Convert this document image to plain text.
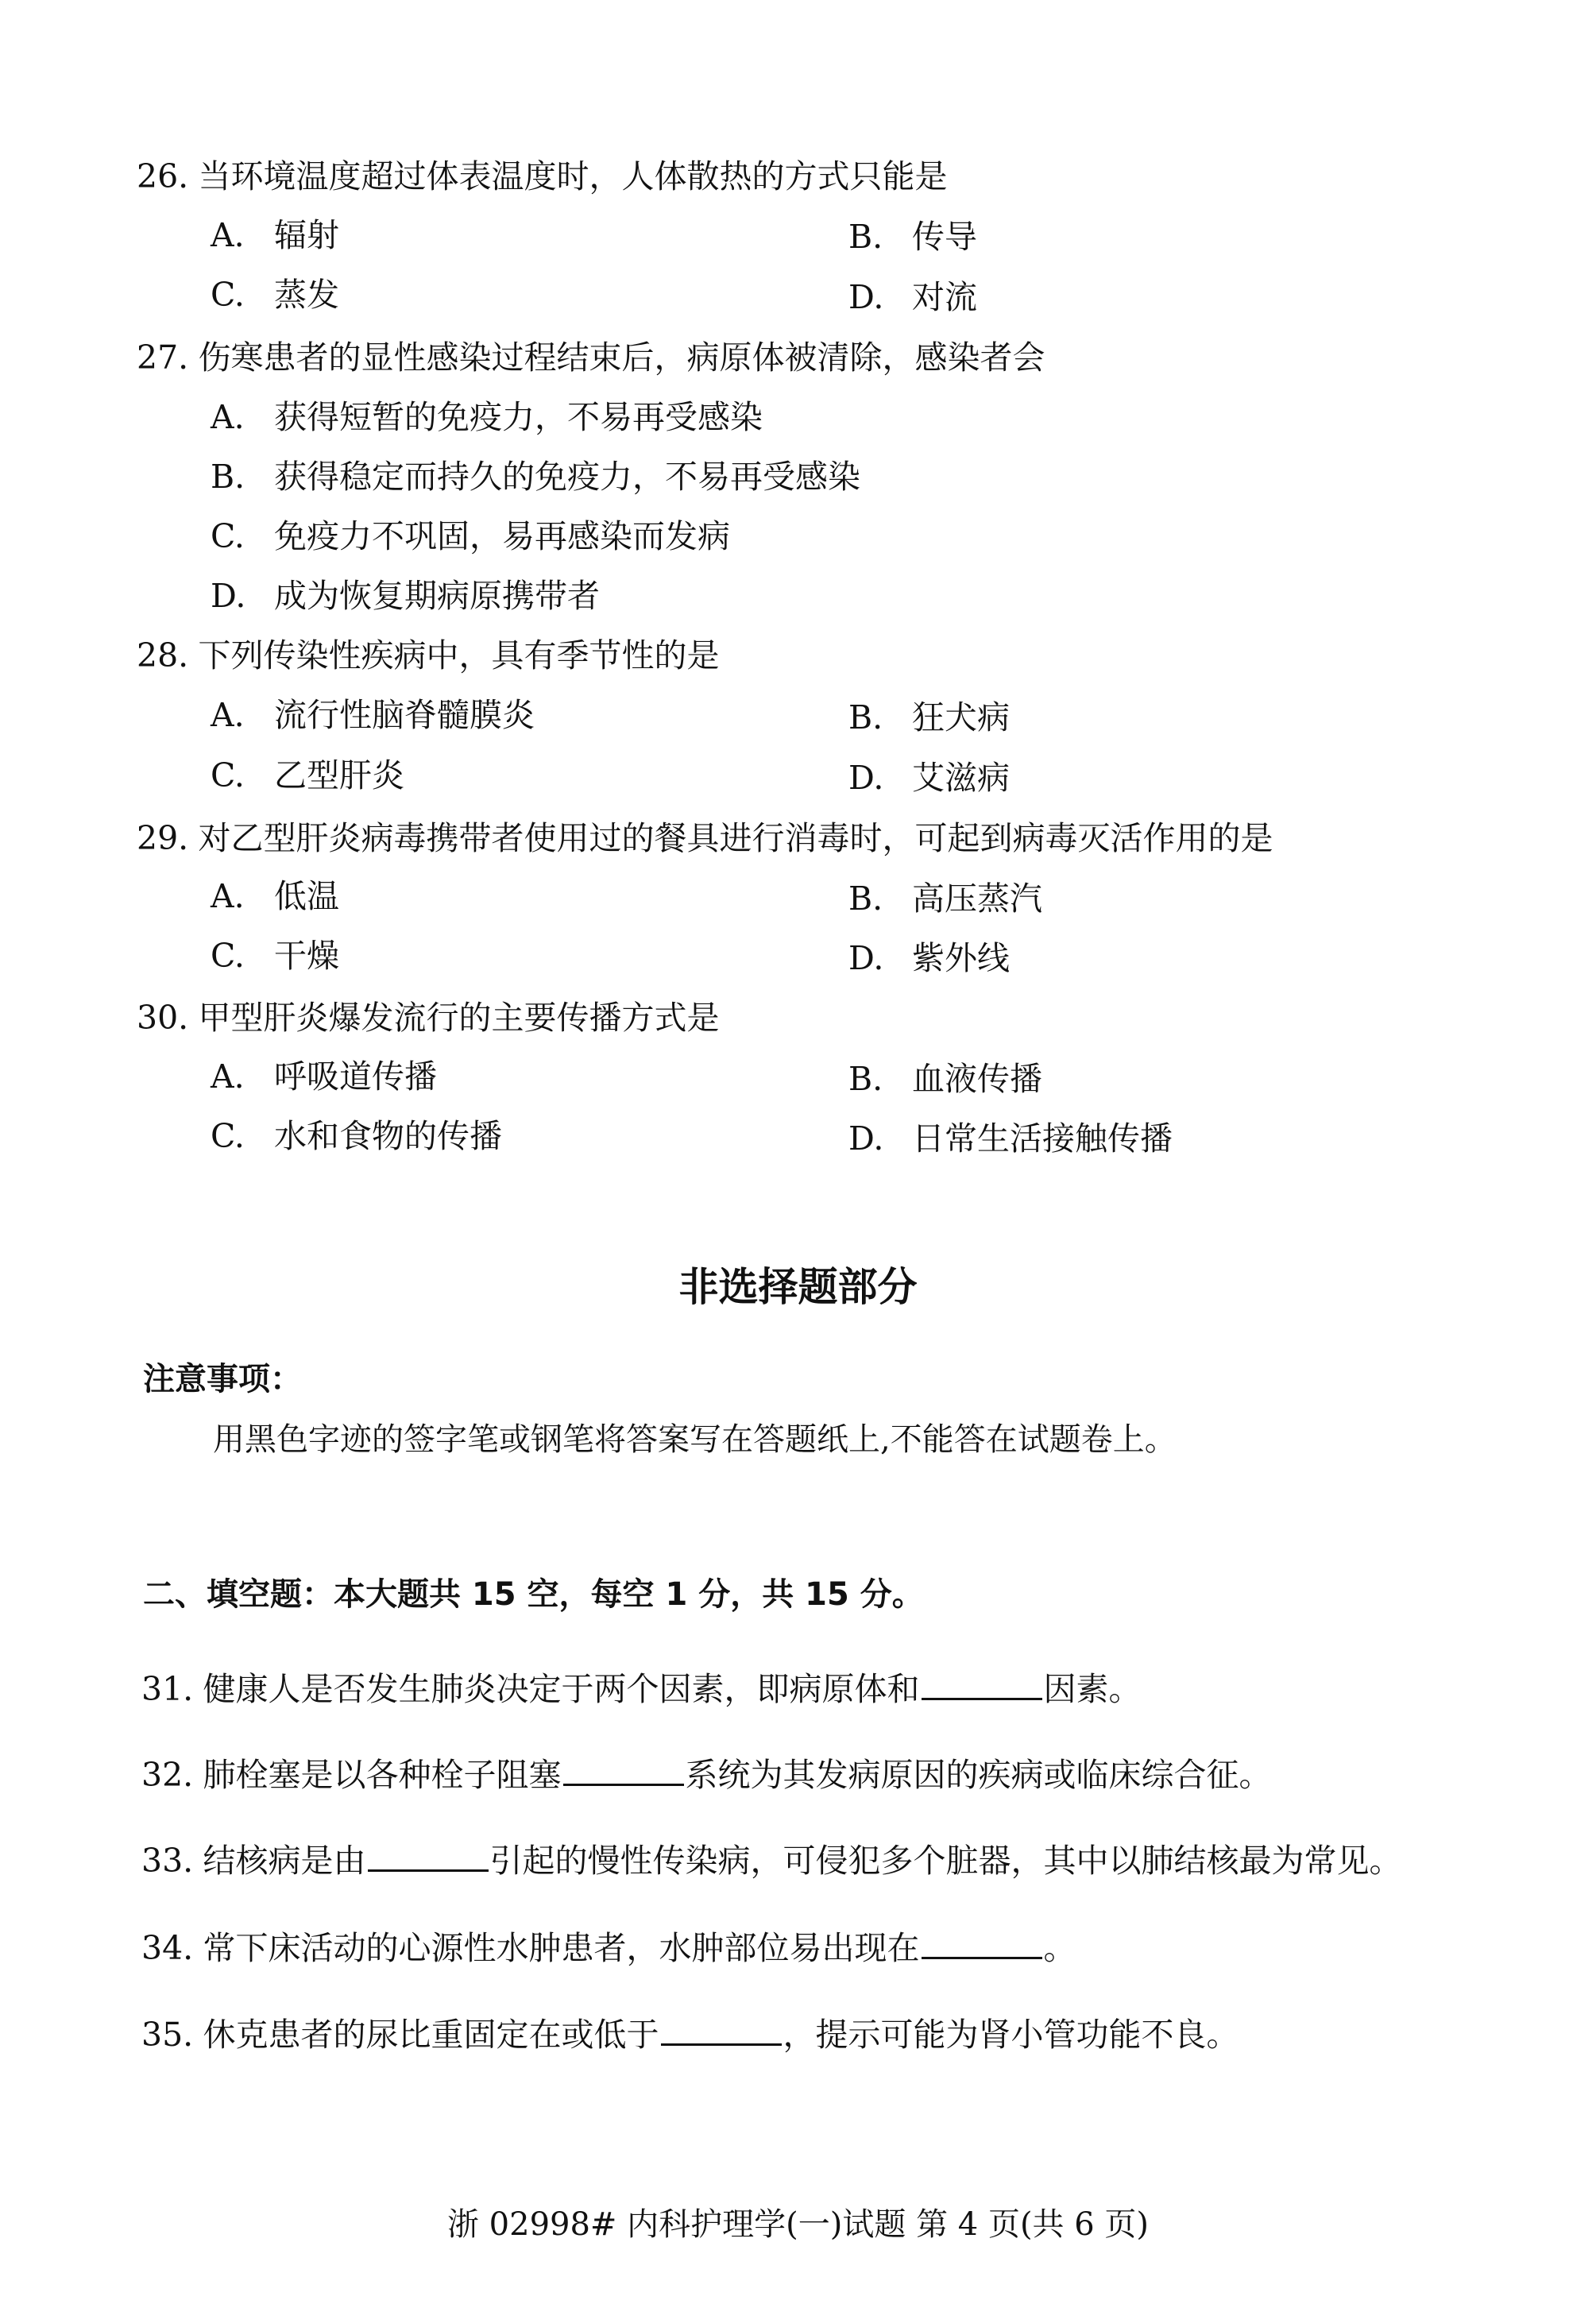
26. 当环境温度超过体表温度时，人体散热的方式只能是
A. 辐射	B. 传导
C. 蒸发	D. 对流
27. 伤寒患者的显性感染过程结束后，病原体被清除，感染者会
A. 获得短暂的免疫力，不易再受感染
B. 获得稳定而持久的免疫力，不易再受感染
C. 免疫力不巩固，易再感染而发病
D. 成为恢复期病原携带者
28. 下列传染性疾病中，具有季节性的是
A. 流行性脑脊髓膜炎	B. 狂犬病
C. 乙型肝炎	D. 艾滋病
29. 对乙型肝炎病毒携带者使用过的餐具进行消毒时，可起到病毒灭活作用的是
A. 低温	B. 高压蒸汽
C. 干燥	D. 紫外线
30. 甲型肝炎爆发流行的主要传播方式是
A. 呼吸道传播	B. 血液传播
C. 水和食物的传播	D. 日常生活接触传播
非选择题部分
注意事项：
用黑色字迹的签字笔或钢笔将答案写在答题纸上,不能答在试题卷上。
二、填空题：本大题共 15 空，每空 1 分，共 15 分。
31. 健康人是否发生肺炎决定于两个因素，即病原体和	因素。
32. 肺栓塞是以各种栓子阻塞	系统为其发病原因的疾病或临床综合征。
33. 结核病是由	引起的慢性传染病，可侵犯多个脏器，其中以肺结核最为常见。
34. 常下床活动的心源性水肿患者，水肿部位易出现在	。
35. 休克患者的尿比重固定在或低于	，提示可能为肾小管功能不良。
浙 02998# 内科护理学(一)试题 第 4 页(共 6 页)
